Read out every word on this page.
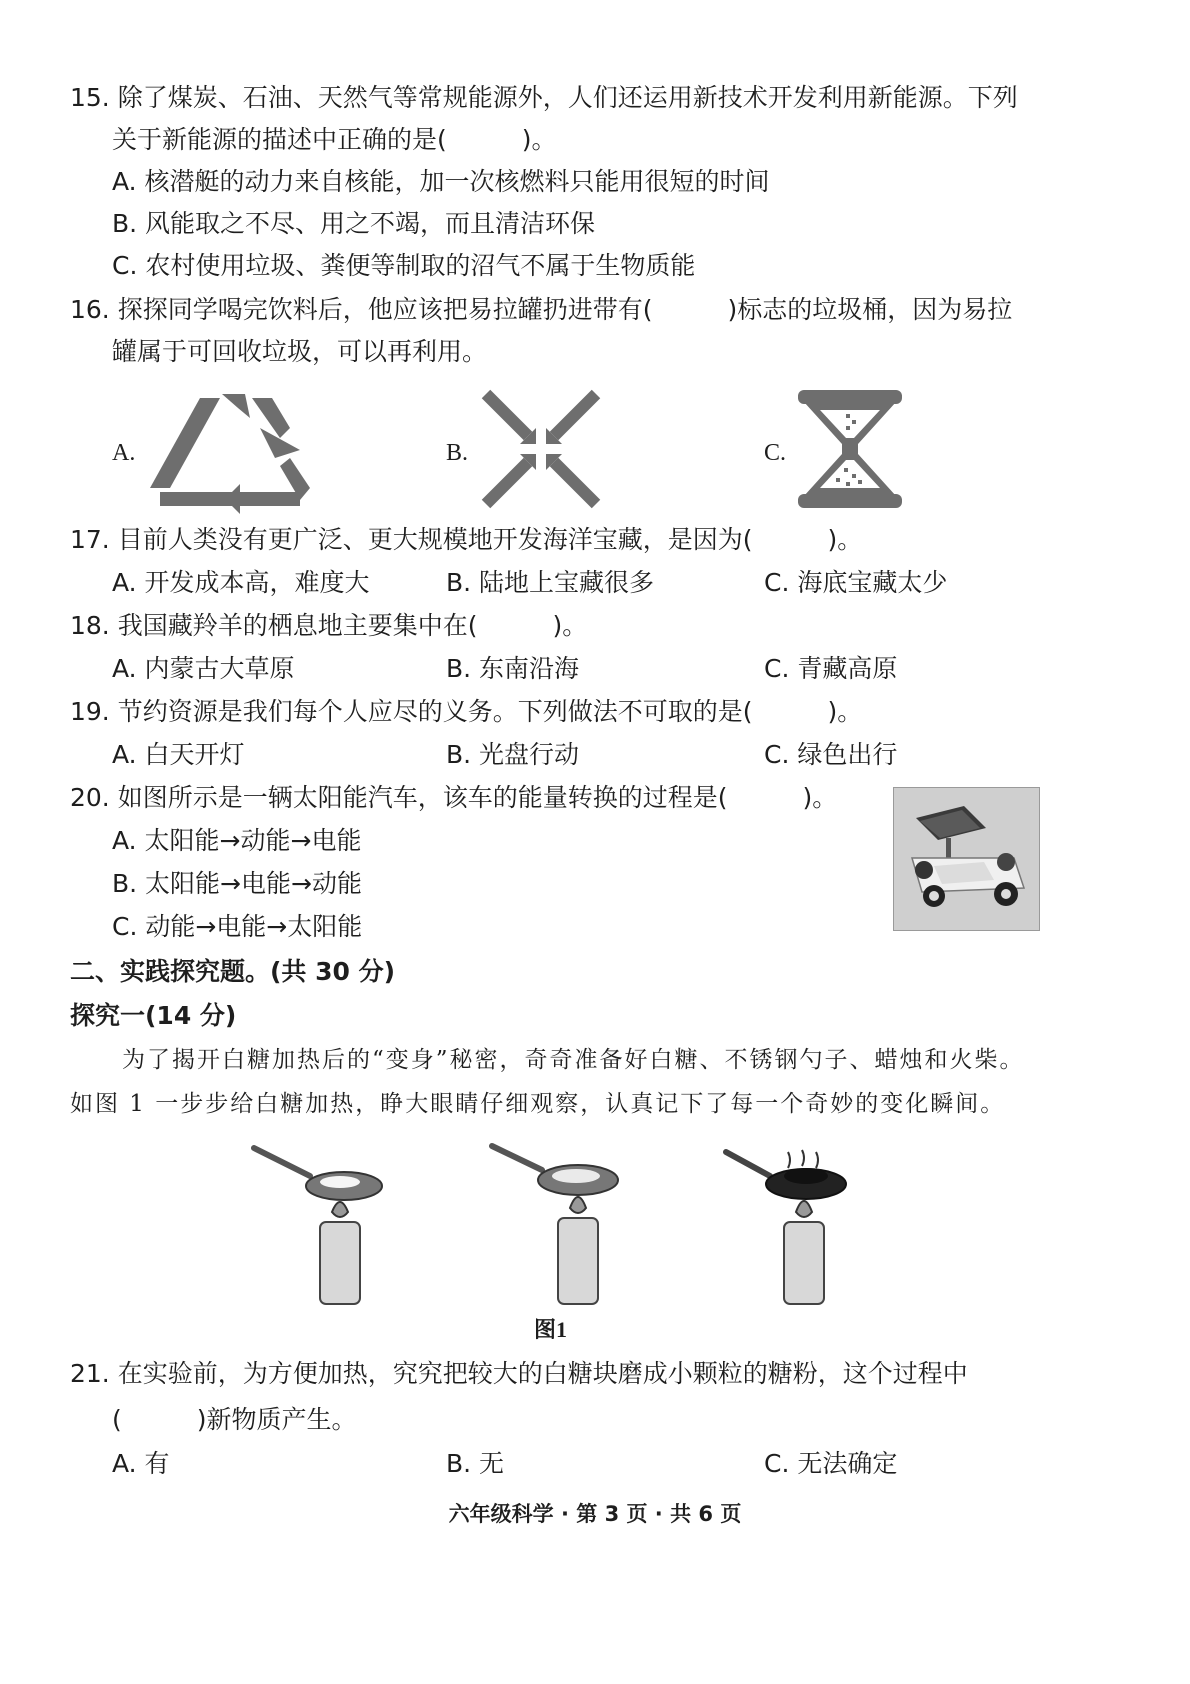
15. 除了煤炭、石油、天然气等常规能源外，人们还运用新技术开发利用新能源。下列
关于新能源的描述中正确的是(　　　)。
A. 核潜艇的动力来自核能，加一次核燃料只能用很短的时间
B. 风能取之不尽、用之不竭，而且清洁环保
C. 农村使用垃圾、粪便等制取的沼气不属于生物质能
16. 探探同学喝完饮料后，他应该把易拉罐扔进带有(　　　)标志的垃圾桶，因为易拉
罐属于可回收垃圾，可以再利用。
A.	B.	C.
17. 目前人类没有更广泛、更大规模地开发海洋宝藏，是因为(　　　)。
A. 开发成本高，难度大	B. 陆地上宝藏很多	C. 海底宝藏太少
18. 我国藏羚羊的栖息地主要集中在(　　　)。
A. 内蒙古大草原	B. 东南沿海	C. 青藏高原
19. 节约资源是我们每个人应尽的义务。下列做法不可取的是(　　　)。
A. 白天开灯	B. 光盘行动	C. 绿色出行
20. 如图所示是一辆太阳能汽车，该车的能量转换的过程是(　　　)。
A. 太阳能→动能→电能
B. 太阳能→电能→动能
C. 动能→电能→太阳能
二、实践探究题。(共 30 分)
探究一(14 分)
为了揭开白糖加热后的“变身”秘密，奇奇准备好白糖、不锈钢勺子、蜡烛和火柴。
如图 1 一步步给白糖加热，睁大眼睛仔细观察，认真记下了每一个奇妙的变化瞬间。
图1
21. 在实验前，为方便加热，究究把较大的白糖块磨成小颗粒的糖粉，这个过程中
(　　　)新物质产生。
A. 有	B. 无	C. 无法确定
六年级科学 · 第 3 页 · 共 6 页
